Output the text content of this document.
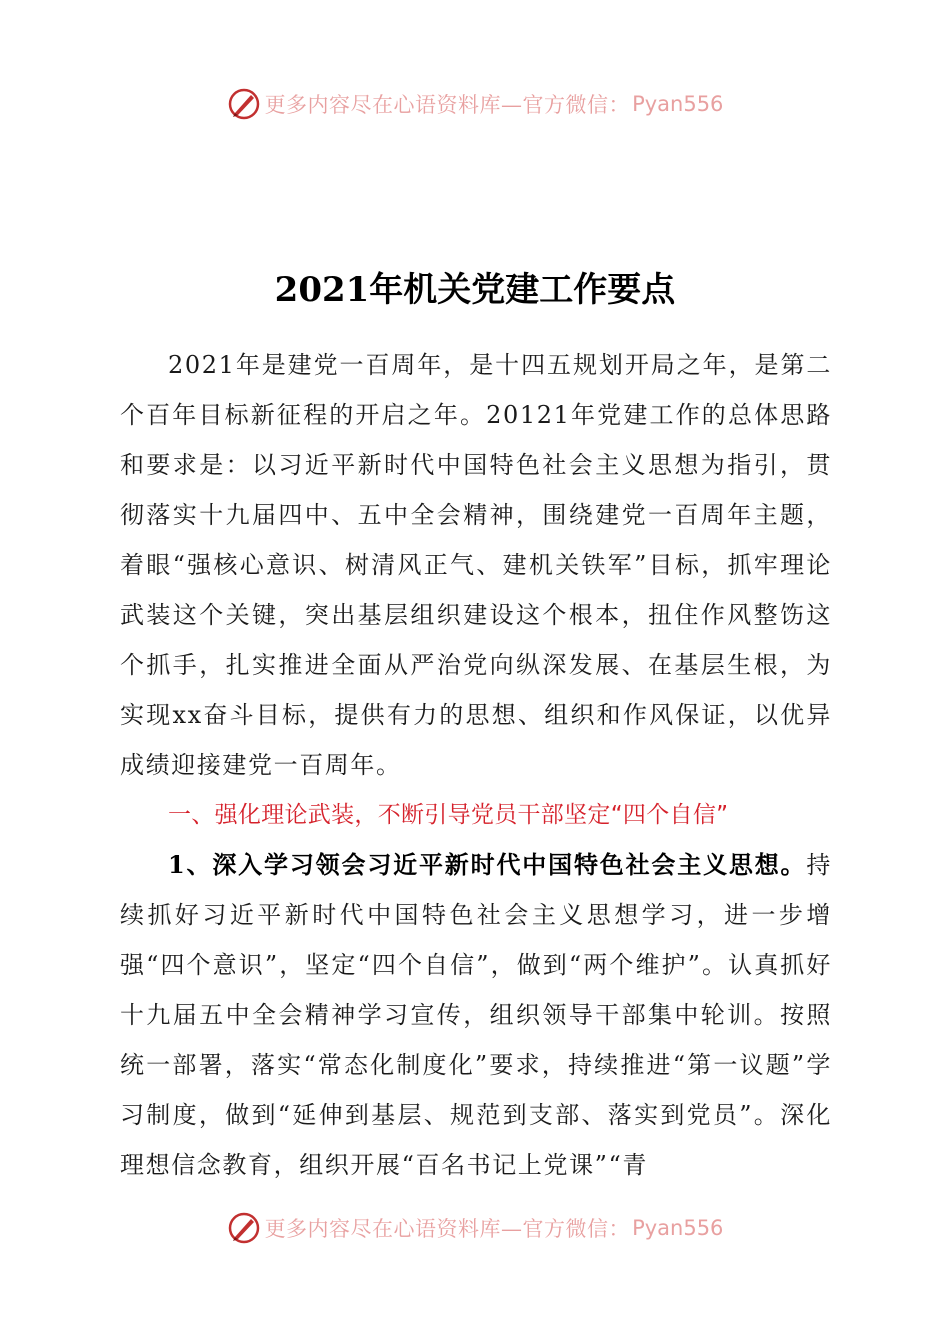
更多内容尽在心语资料库—官方微信： Pyan556
2021年机关党建工作要点

2021年是建党一百周年，是十四五规划开局之年，是第二个百年目标新征程的开启之年。20121年党建工作的总体思路和要求是：以习近平新时代中国特色社会主义思想为指引，贯彻落实十九届四中、五中全会精神，围绕建党一百周年主题，着眼“强核心意识、树清风正气、建机关铁军”目标，抓牢理论武装这个关键，突出基层组织建设这个根本，扭住作风整饬这个抓手，扎实推进全面从严治党向纵深发展、在基层生根，为实现xx奋斗目标，提供有力的思想、组织和作风保证，以优异成绩迎接建党一百周年。

一、强化理论武装，不断引导党员干部坚定“四个自信”

1、深入学习领会习近平新时代中国特色社会主义思想。持续抓好习近平新时代中国特色社会主义思想学习，进一步增强“四个意识”，坚定“四个自信”，做到“两个维护”。认真抓好十九届五中全会精神学习宣传，组织领导干部集中轮训。按照统一部署，落实“常态化制度化”要求，持续推进“第一议题”学习制度，做到“延伸到基层、规范到支部、落实到党员”。深化理想信念教育，组织开展“百名书记上党课”“青

更多内容尽在心语资料库—官方微信： Pyan556
